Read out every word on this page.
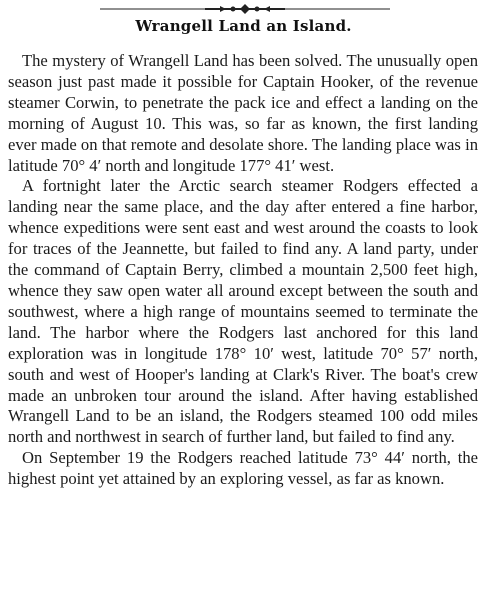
Wrangell Land an Island.

The mystery of Wrangell Land has been solved. The unusually open season just past made it possible for Captain Hooker, of the revenue steamer Corwin, to penetrate the pack ice and effect a landing on the morning of August 10. This was, so far as known, the first landing ever made on that remote and desolate shore. The landing place was in latitude 70° 4′ north and longitude 177° 41′ west.

A fortnight later the Arctic search steamer Rodgers effected a landing near the same place, and the day after entered a fine harbor, whence expeditions were sent east and west around the coasts to look for traces of the Jeannette, but failed to find any. A land party, under the command of Captain Berry, climbed a mountain 2,500 feet high, whence they saw open water all around except between the south and southwest, where a high range of mountains seemed to terminate the land. The harbor where the Rodgers last anchored for this land exploration was in longitude 178° 10′ west, latitude 70° 57′ north, south and west of Hooper's landing at Clark's River. The boat's crew made an unbroken tour around the island. After having established Wrangell Land to be an island, the Rodgers steamed 100 odd miles north and northwest in search of further land, but failed to find any.

On September 19 the Rodgers reached latitude 73° 44′ north, the highest point yet attained by an exploring vessel, as far as known.
